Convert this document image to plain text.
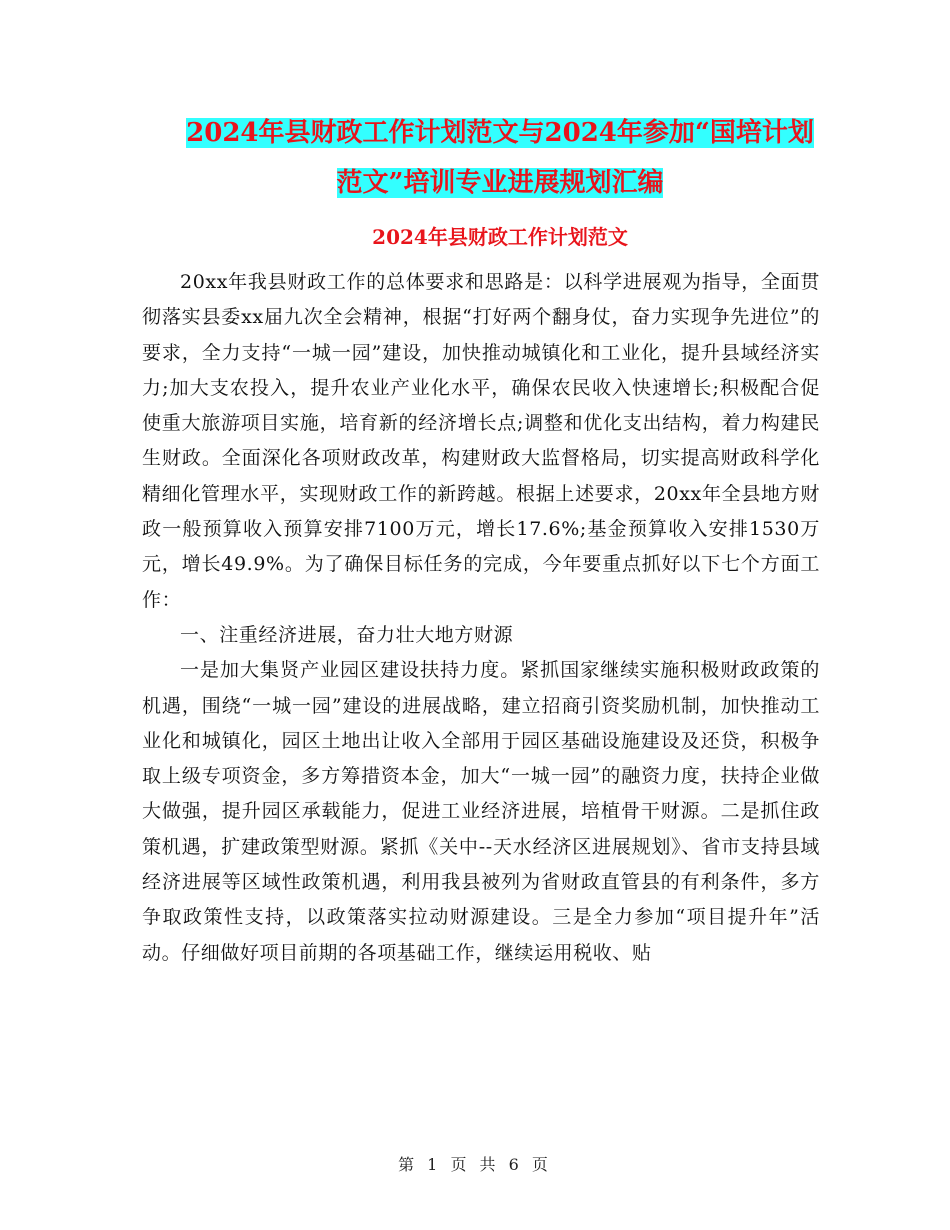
2024年县财政工作计划范文与2024年参加“国培计划
范文”培训专业进展规划汇编
2024年县财政工作计划范文

20xx年我县财政工作的总体要求和思路是：以科学进展观为指导，全面贯彻落实县委xx届九次全会精神，根据“打好两个翻身仗，奋力实现争先进位”的要求，全力支持“一城一园”建设，加快推动城镇化和工业化，提升县域经济实力;加大支农投入，提升农业产业化水平，确保农民收入快速增长;积极配合促使重大旅游项目实施，培育新的经济增长点;调整和优化支出结构，着力构建民生财政。全面深化各项财政改革，构建财政大监督格局，切实提高财政科学化精细化管理水平，实现财政工作的新跨越。根据上述要求，20xx年全县地方财政一般预算收入预算安排7100万元，增长17.6%;基金预算收入安排1530万元，增长49.9%。为了确保目标任务的完成，今年要重点抓好以下七个方面工作：

一、注重经济进展，奋力壮大地方财源

一是加大集贤产业园区建设扶持力度。紧抓国家继续实施积极财政政策的机遇，围绕“一城一园”建设的进展战略，建立招商引资奖励机制，加快推动工业化和城镇化，园区土地出让收入全部用于园区基础设施建设及还贷，积极争取上级专项资金，多方筹措资本金，加大“一城一园”的融资力度，扶持企业做大做强，提升园区承载能力，促进工业经济进展，培植骨干财源。二是抓住政策机遇，扩建政策型财源。紧抓《关中--天水经济区进展规划》、省市支持县域经济进展等区域性政策机遇，利用我县被列为省财政直管县的有利条件，多方争取政策性支持，以政策落实拉动财源建设。三是全力参加“项目提升年”活动。仔细做好项目前期的各项基础工作，继续运用税收、贴

第 1 页 共 6 页
